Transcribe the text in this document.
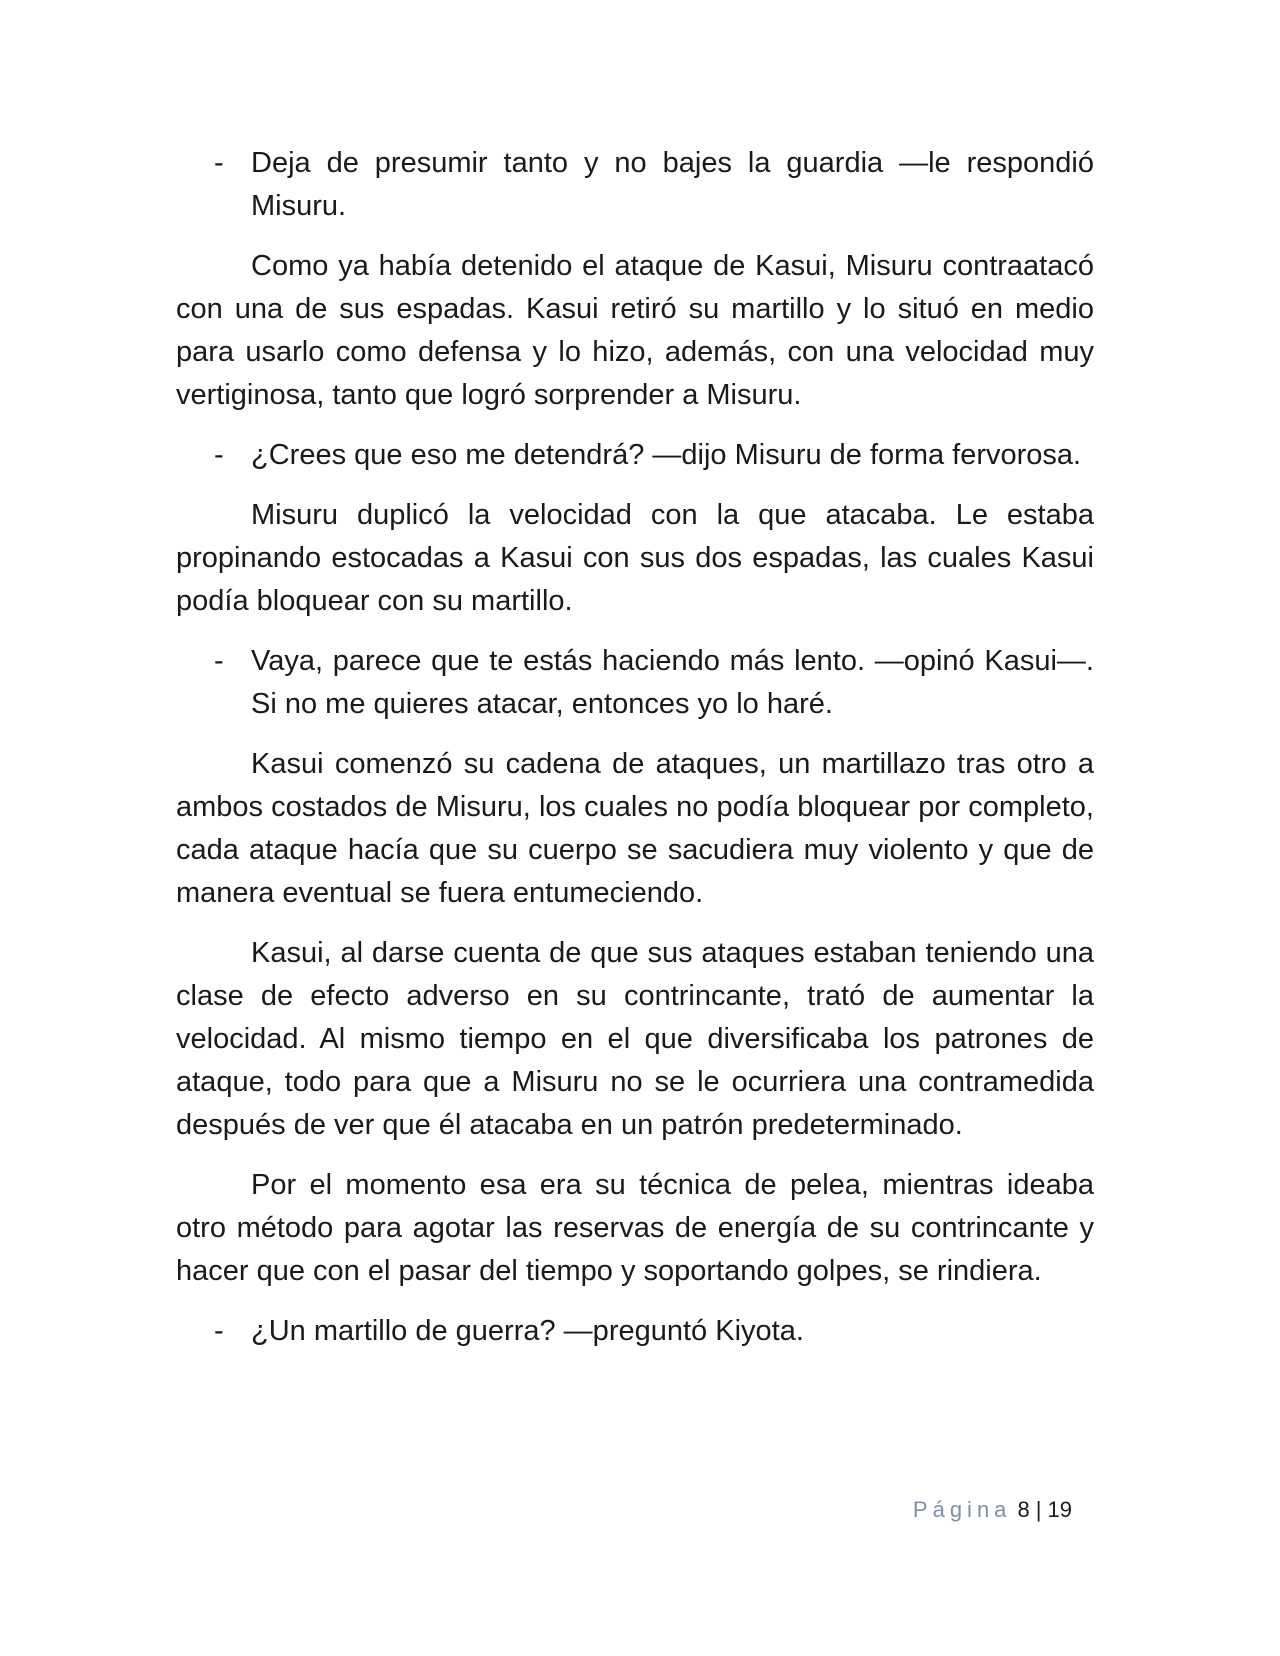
- Deja de presumir tanto y no bajes la guardia —le respondió Misuru.

Como ya había detenido el ataque de Kasui, Misuru contraatacó con una de sus espadas. Kasui retiró su martillo y lo situó en medio para usarlo como defensa y lo hizo, además, con una velocidad muy vertiginosa, tanto que logró sorprender a Misuru.

- ¿Crees que eso me detendrá? —dijo Misuru de forma fervorosa.

Misuru duplicó la velocidad con la que atacaba. Le estaba propinando estocadas a Kasui con sus dos espadas, las cuales Kasui podía bloquear con su martillo.

- Vaya, parece que te estás haciendo más lento. —opinó Kasui—. Si no me quieres atacar, entonces yo lo haré.

Kasui comenzó su cadena de ataques, un martillazo tras otro a ambos costados de Misuru, los cuales no podía bloquear por completo, cada ataque hacía que su cuerpo se sacudiera muy violento y que de manera eventual se fuera entumeciendo.

Kasui, al darse cuenta de que sus ataques estaban teniendo una clase de efecto adverso en su contrincante, trató de aumentar la velocidad. Al mismo tiempo en el que diversificaba los patrones de ataque, todo para que a Misuru no se le ocurriera una contramedida después de ver que él atacaba en un patrón predeterminado.

Por el momento esa era su técnica de pelea, mientras ideaba otro método para agotar las reservas de energía de su contrincante y hacer que con el pasar del tiempo y soportando golpes, se rindiera.

- ¿Un martillo de guerra? —preguntó Kiyota.

Página 8 | 19
